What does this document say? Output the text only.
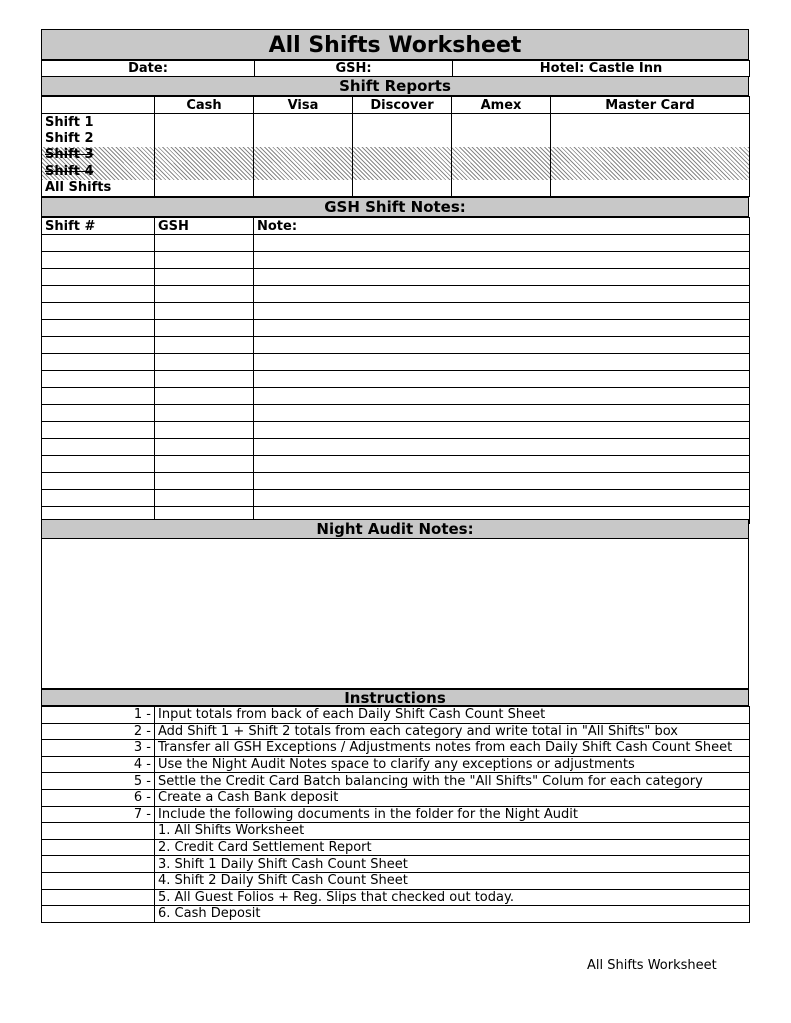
All Shifts Worksheet
Date:	GSH:	Hotel: Castle Inn
Shift Reports
	Cash	Visa	Discover	Amex	Master Card
Shift 1					
Shift 2					
Shift 3					
Shift 4					
All Shifts					
GSH Shift Notes:
Shift #	GSH	Note:

Night Audit Notes:
Instructions
1 -	Input totals from back of each Daily Shift Cash Count Sheet
2 -	Add Shift 1 + Shift 2 totals from each category and write total in "All Shifts" box
3 -	Transfer all GSH Exceptions / Adjustments notes from each Daily Shift Cash Count Sheet
4 -	Use the Night Audit Notes space to clarify any exceptions or adjustments
5 -	Settle the Credit Card Batch balancing with the "All Shifts" Colum for each category
6 -	Create a Cash Bank deposit
7 -	Include the following documents in the folder for the Night Audit
	1. All Shifts Worksheet
	2. Credit Card Settlement Report
	3. Shift 1 Daily Shift Cash Count Sheet
	4. Shift 2 Daily Shift Cash Count Sheet
	5. All Guest Folios + Reg. Slips that checked out today.
	6. Cash Deposit
All Shifts Worksheet
